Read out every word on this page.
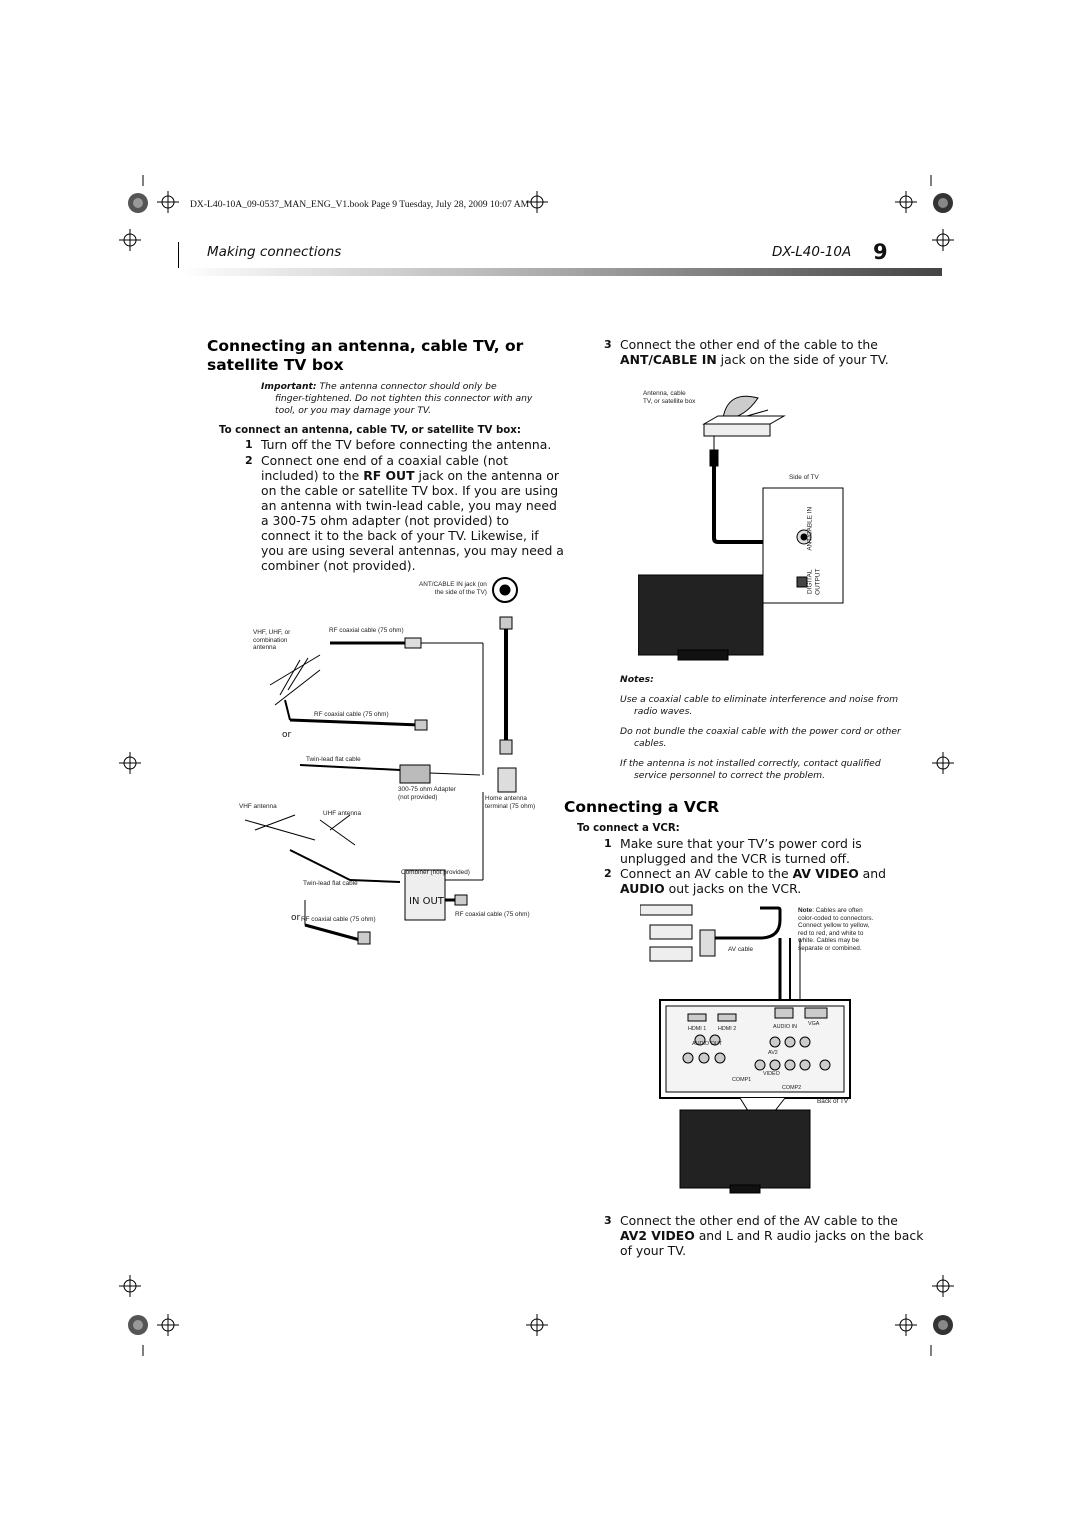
DX-L40-10A_09-0537_MAN_ENG_V1.book Page 9 Tuesday, July 28, 2009 10:07 AM
Making connections	DX-L40-10A 9
Connecting an antenna, cable TV, or
satellite TV box
Important: The antenna connector should only be
finger-tightened. Do not tighten this connector with any
tool, or you may damage your TV.
To connect an antenna, cable TV, or satellite TV box:
1 Turn off the TV before connecting the antenna.
2 Connect one end of a coaxial cable (not
included) to the RF OUT jack on the antenna or
on the cable or satellite TV box. If you are using
an antenna with twin-lead cable, you may need
a 300-75 ohm adapter (not provided) to
connect it to the back of your TV. Likewise, if
you are using several antennas, you may need a
combiner (not provided).
ANT/CABLE IN jack (on
the side of the TV)
VHF, UHF, or
combination
antenna
RF coaxial cable (75 ohm)
RF coaxial cable (75 ohm)
or
Twin-lead flat cable
300-75 ohm Adapter
(not provided)	Home antenna
terminal (75 ohm)
VHF antenna
UHF antenna
Combiner (not provided)
Twin-lead flat cable
IN OUT
RF coaxial cable (75 ohm)
or RF coaxial cable (75 ohm)
3 Connect the other end of the cable to the
ANT/CABLE IN jack on the side of your TV.
Antenna, cable
TV, or satellite box
Side of TV
ANT/CABLE IN
DIGITAL OUTPUT
Notes:
Use a coaxial cable to eliminate interference and noise from
radio waves.
Do not bundle the coaxial cable with the power cord or other
cables.
If the antenna is not installed correctly, contact qualified
service personnel to correct the problem.
Connecting a VCR
To connect a VCR:
1 Make sure that your TV’s power cord is
unplugged and the VCR is turned off.
2 Connect an AV cable to the AV VIDEO and
AUDIO out jacks on the VCR.
AV cable
Note: Cables are often
color-coded to connectors.
Connect yellow to yellow,
red to red, and white to
white. Cables may be
separate or combined.
HDMI 1 HDMI 2	AUDIO IN VGA
AUDIO OUT
AV2
VIDEO
COMP1
COMP2
Back of TV
3 Connect the other end of the AV cable to the
AV2 VIDEO and L and R audio jacks on the back
of your TV.
